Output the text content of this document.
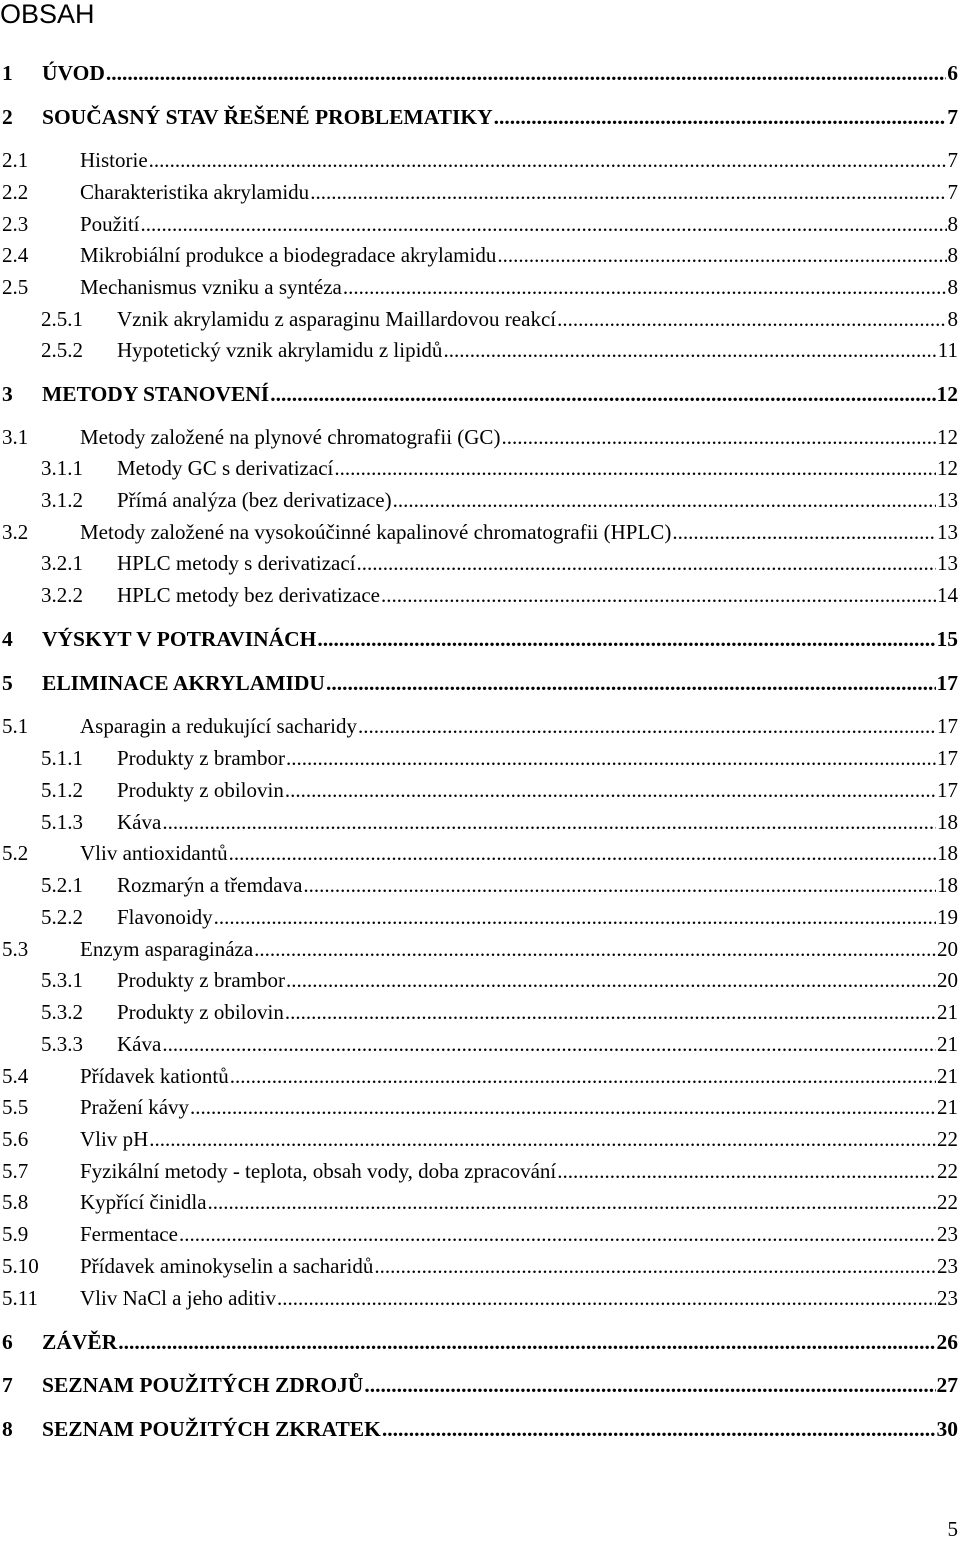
OBSAH
1	ÚVOD .....	6
2	SOUČASNÝ STAV ŘEŠENÉ PROBLEMATIKY .....	7
2.1	Historie .....	7
2.2	Charakteristika akrylamidu .....	7
2.3	Použití .....	8
2.4	Mikrobiální produkce a biodegradace akrylamidu .....	8
2.5	Mechanismus vzniku a syntéza .....	8
2.5.1	Vznik akrylamidu z asparaginu Maillardovou reakcí .....	8
2.5.2	Hypotetický vznik akrylamidu z lipidů .....	11
3	METODY STANOVENÍ .....	12
3.1	Metody založené na plynové chromatografii (GC) .....	12
3.1.1	Metody GC s derivatizací .....	12
3.1.2	Přímá analýza (bez derivatizace) .....	13
3.2	Metody založené na vysokoúčinné kapalinové chromatografii (HPLC) .....	13
3.2.1	HPLC metody s derivatizací .....	13
3.2.2	HPLC metody bez derivatizace .....	14
4	VÝSKYT V POTRAVINÁCH .....	15
5	ELIMINACE AKRYLAMIDU .....	17
5.1	Asparagin a redukující sacharidy .....	17
5.1.1	Produkty z brambor .....	17
5.1.2	Produkty z obilovin .....	17
5.1.3	Káva .....	18
5.2	Vliv antioxidantů .....	18
5.2.1	Rozmarýn a třemdava .....	18
5.2.2	Flavonoidy .....	19
5.3	Enzym asparagináza .....	20
5.3.1	Produkty z brambor .....	20
5.3.2	Produkty z obilovin .....	21
5.3.3	Káva .....	21
5.4	Přídavek kationtů .....	21
5.5	Pražení kávy .....	21
5.6	Vliv pH .....	22
5.7	Fyzikální metody - teplota, obsah vody, doba zpracování .....	22
5.8	Kypřící činidla .....	22
5.9	Fermentace .....	23
5.10	Přídavek aminokyselin a sacharidů .....	23
5.11	Vliv NaCl a jeho aditiv .....	23
6	ZÁVĚR .....	26
7	SEZNAM POUŽITÝCH ZDROJŮ .....	27
8	SEZNAM POUŽITÝCH ZKRATEK .....	30
5
